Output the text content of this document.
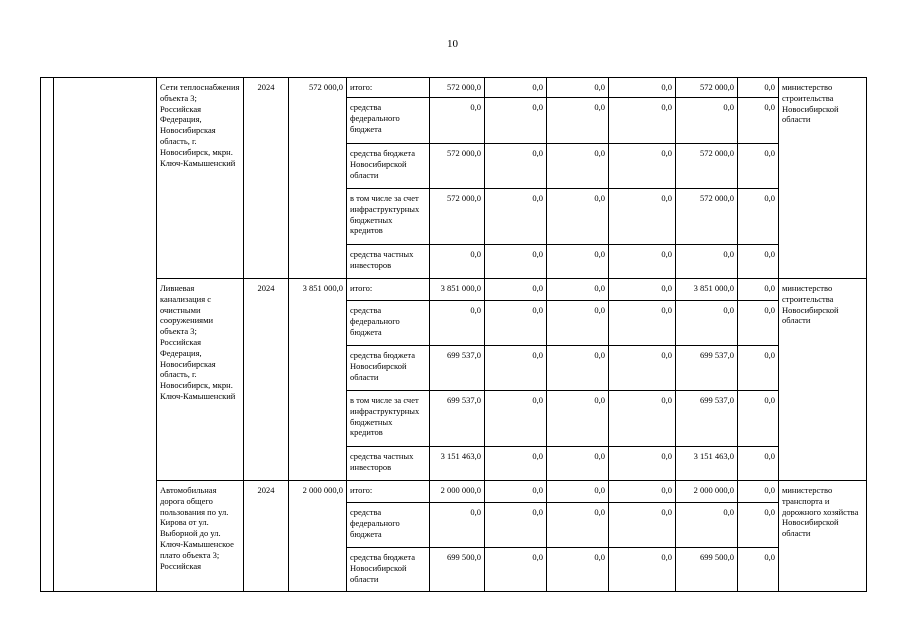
10
		Сети теплоснабжения объекта 3; Российская Федерация, Новосибирская область, г. Новосибирск, мкрн. Ключ-Камышенский	2024	572 000,0	итого:	572 000,0	0,0	0,0	0,0	572 000,0	0,0	министерство строительства Новосибирской области
					средства федерального бюджета	0,0	0,0	0,0	0,0	0,0	0,0	
					средства бюджета Новосибирской области	572 000,0	0,0	0,0	0,0	572 000,0	0,0	
					в том числе за счет инфраструктурных бюджетных кредитов	572 000,0	0,0	0,0	0,0	572 000,0	0,0	
					средства частных инвесторов	0,0	0,0	0,0	0,0	0,0	0,0	
		Ливневая канализация с очистными сооружениями объекта 3; Российская Федерация, Новосибирская область, г. Новосибирск, мкрн. Ключ-Камышенский	2024	3 851 000,0	итого:	3 851 000,0	0,0	0,0	0,0	3 851 000,0	0,0	министерство строительства Новосибирской области
					средства федерального бюджета	0,0	0,0	0,0	0,0	0,0	0,0	
					средства бюджета Новосибирской области	699 537,0	0,0	0,0	0,0	699 537,0	0,0	
					в том числе за счет инфраструктурных бюджетных кредитов	699 537,0	0,0	0,0	0,0	699 537,0	0,0	
					средства частных инвесторов	3 151 463,0	0,0	0,0	0,0	3 151 463,0	0,0	
		Автомобильная дорога общего пользования по ул. Кирова от ул. Выборной до ул. Ключ-Камышенское плато объекта 3; Российская	2024	2 000 000,0	итого:	2 000 000,0	0,0	0,0	0,0	2 000 000,0	0,0	министерство транспорта и дорожного хозяйства Новосибирской области
					средства федерального бюджета	0,0	0,0	0,0	0,0	0,0	0,0	
					средства бюджета Новосибирской области	699 500,0	0,0	0,0	0,0	699 500,0	0,0	
